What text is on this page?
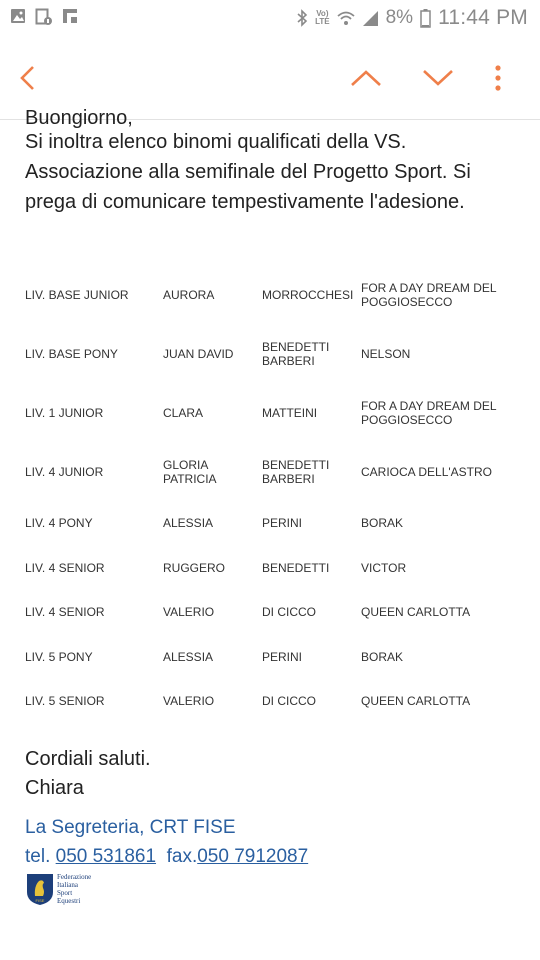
Vo)
LTE	8% 11:44 PM
Buongiorno,
Si inoltra elenco binomi qualificati della VS. Associazione alla semifinale del Progetto Sport. Si prega di comunicare tempestivamente l'adesione.
LIV. BASE JUNIOR	AURORA	MORROCCHESI	FOR A DAY DREAM DEL POGGIOSECCO
LIV. BASE PONY	JUAN DAVID	BENEDETTI BARBERI	NELSON
LIV. 1 JUNIOR	CLARA	MATTEINI	FOR A DAY DREAM DEL POGGIOSECCO
LIV. 4 JUNIOR	GLORIA PATRICIA	BENEDETTI BARBERI	CARIOCA DELL'ASTRO
LIV. 4 PONY	ALESSIA	PERINI	BORAK
LIV. 4 SENIOR	RUGGERO	BENEDETTI	VICTOR
LIV. 4 SENIOR	VALERIO	DI CICCO	QUEEN CARLOTTA
LIV. 5 PONY	ALESSIA	PERINI	BORAK
LIV. 5 SENIOR	VALERIO	DI CICCO	QUEEN CARLOTTA
Cordiali saluti.
Chiara
La Segreteria, CRT FISE
tel. 050 531861 fax.050 7912087
FISE
Federazione
Italiana
Sport
Equestri
